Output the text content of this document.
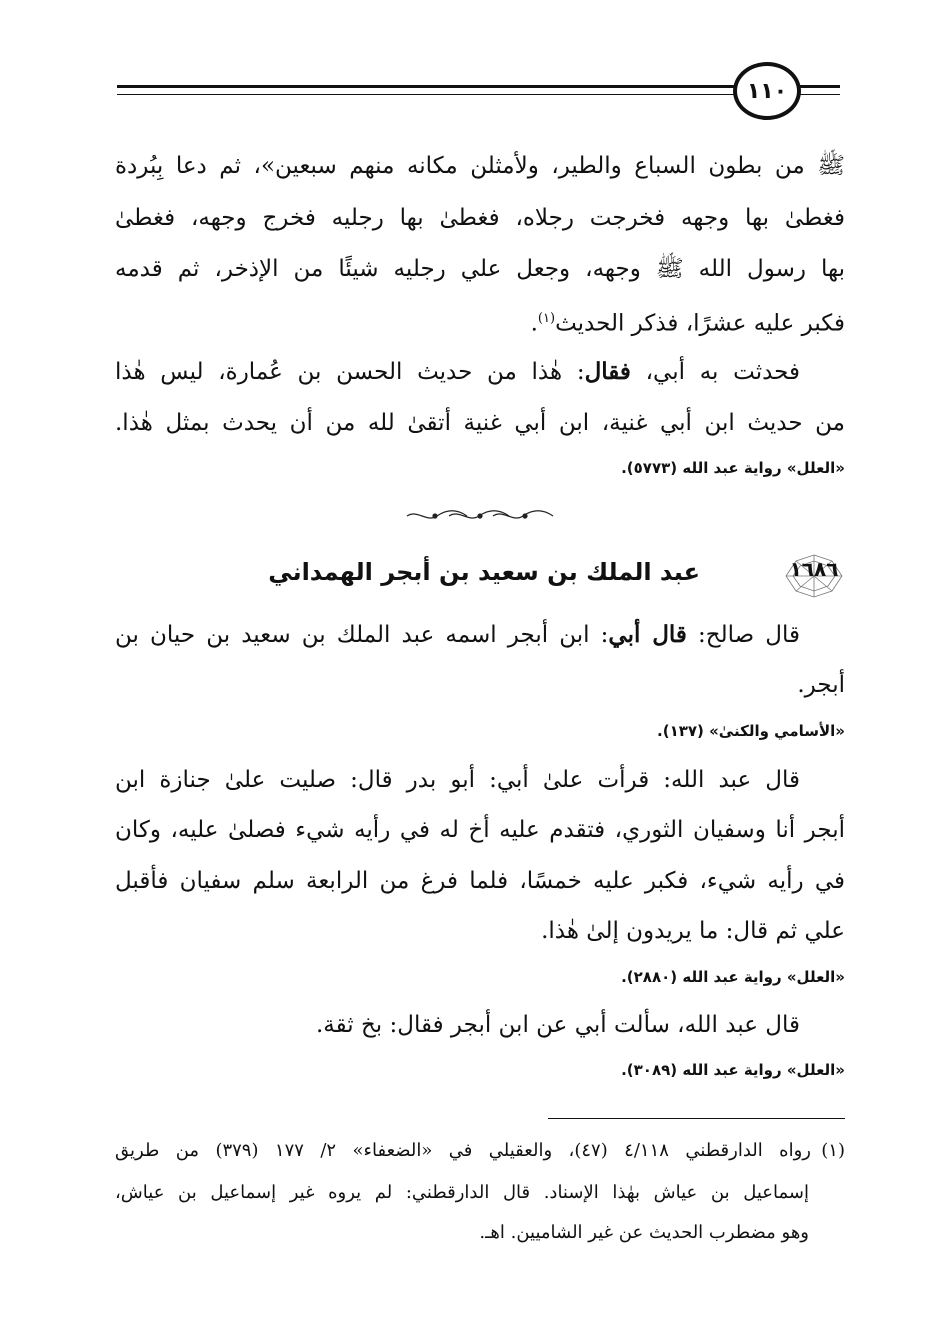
١١٠
ﷺ من بطون السباع والطير، ولأمثلن مكانه منهم سبعين»، ثم دعا بِبُردة
فغطىٰ بها وجهه فخرجت رجلاه، فغطىٰ بها رجليه فخرج وجهه، فغطىٰ
بها رسول الله ﷺ وجهه، وجعل علي رجليه شيئًا من الإذخر، ثم قدمه
فكبر عليه عشرًا، فذكر الحديث$^{(١)}$.
فحدثت به أبي، فقال: هٰذا من حديث الحسن بن عُمارة، ليس هٰذا
من حديث ابن أبي غنية، ابن أبي غنية أتقىٰ لله من أن يحدث بمثل هٰذا.
«العلل» رواية عبد الله (٥٧٧٣).
١٦٨٦
عبد الملك بن سعيد بن أبجر الهمداني
قال صالح: قال أبي: ابن أبجر اسمه عبد الملك بن سعيد بن حيان بن
أبجر.
«الأسامي والكنىٰ» (١٣٧).
قال عبد الله: قرأت علىٰ أبي: أبو بدر قال: صليت علىٰ جنازة ابن
أبجر أنا وسفيان الثوري، فتقدم عليه أخ له في رأيه شيء فصلىٰ عليه، وكان
في رأيه شيء، فكبر عليه خمسًا، فلما فرغ من الرابعة سلم سفيان فأقبل
علي ثم قال: ما يريدون إلىٰ هٰذا.
«العلل» رواية عبد الله (٢٨٨٠).
قال عبد الله، سألت أبي عن ابن أبجر فقال: بخ ثقة.
«العلل» رواية عبد الله (٣٠٨٩).
(١)رواه الدارقطني ٤/١١٨ (٤٧)، والعقيلي في «الضعفاء» ٢/ ١٧٧ (٣٧٩) من طريق
إسماعيل بن عياش بهٰذا الإسناد. قال الدارقطني: لم يروه غير إسماعيل بن عياش،
وهو مضطرب الحديث عن غير الشاميين. اهـ.
